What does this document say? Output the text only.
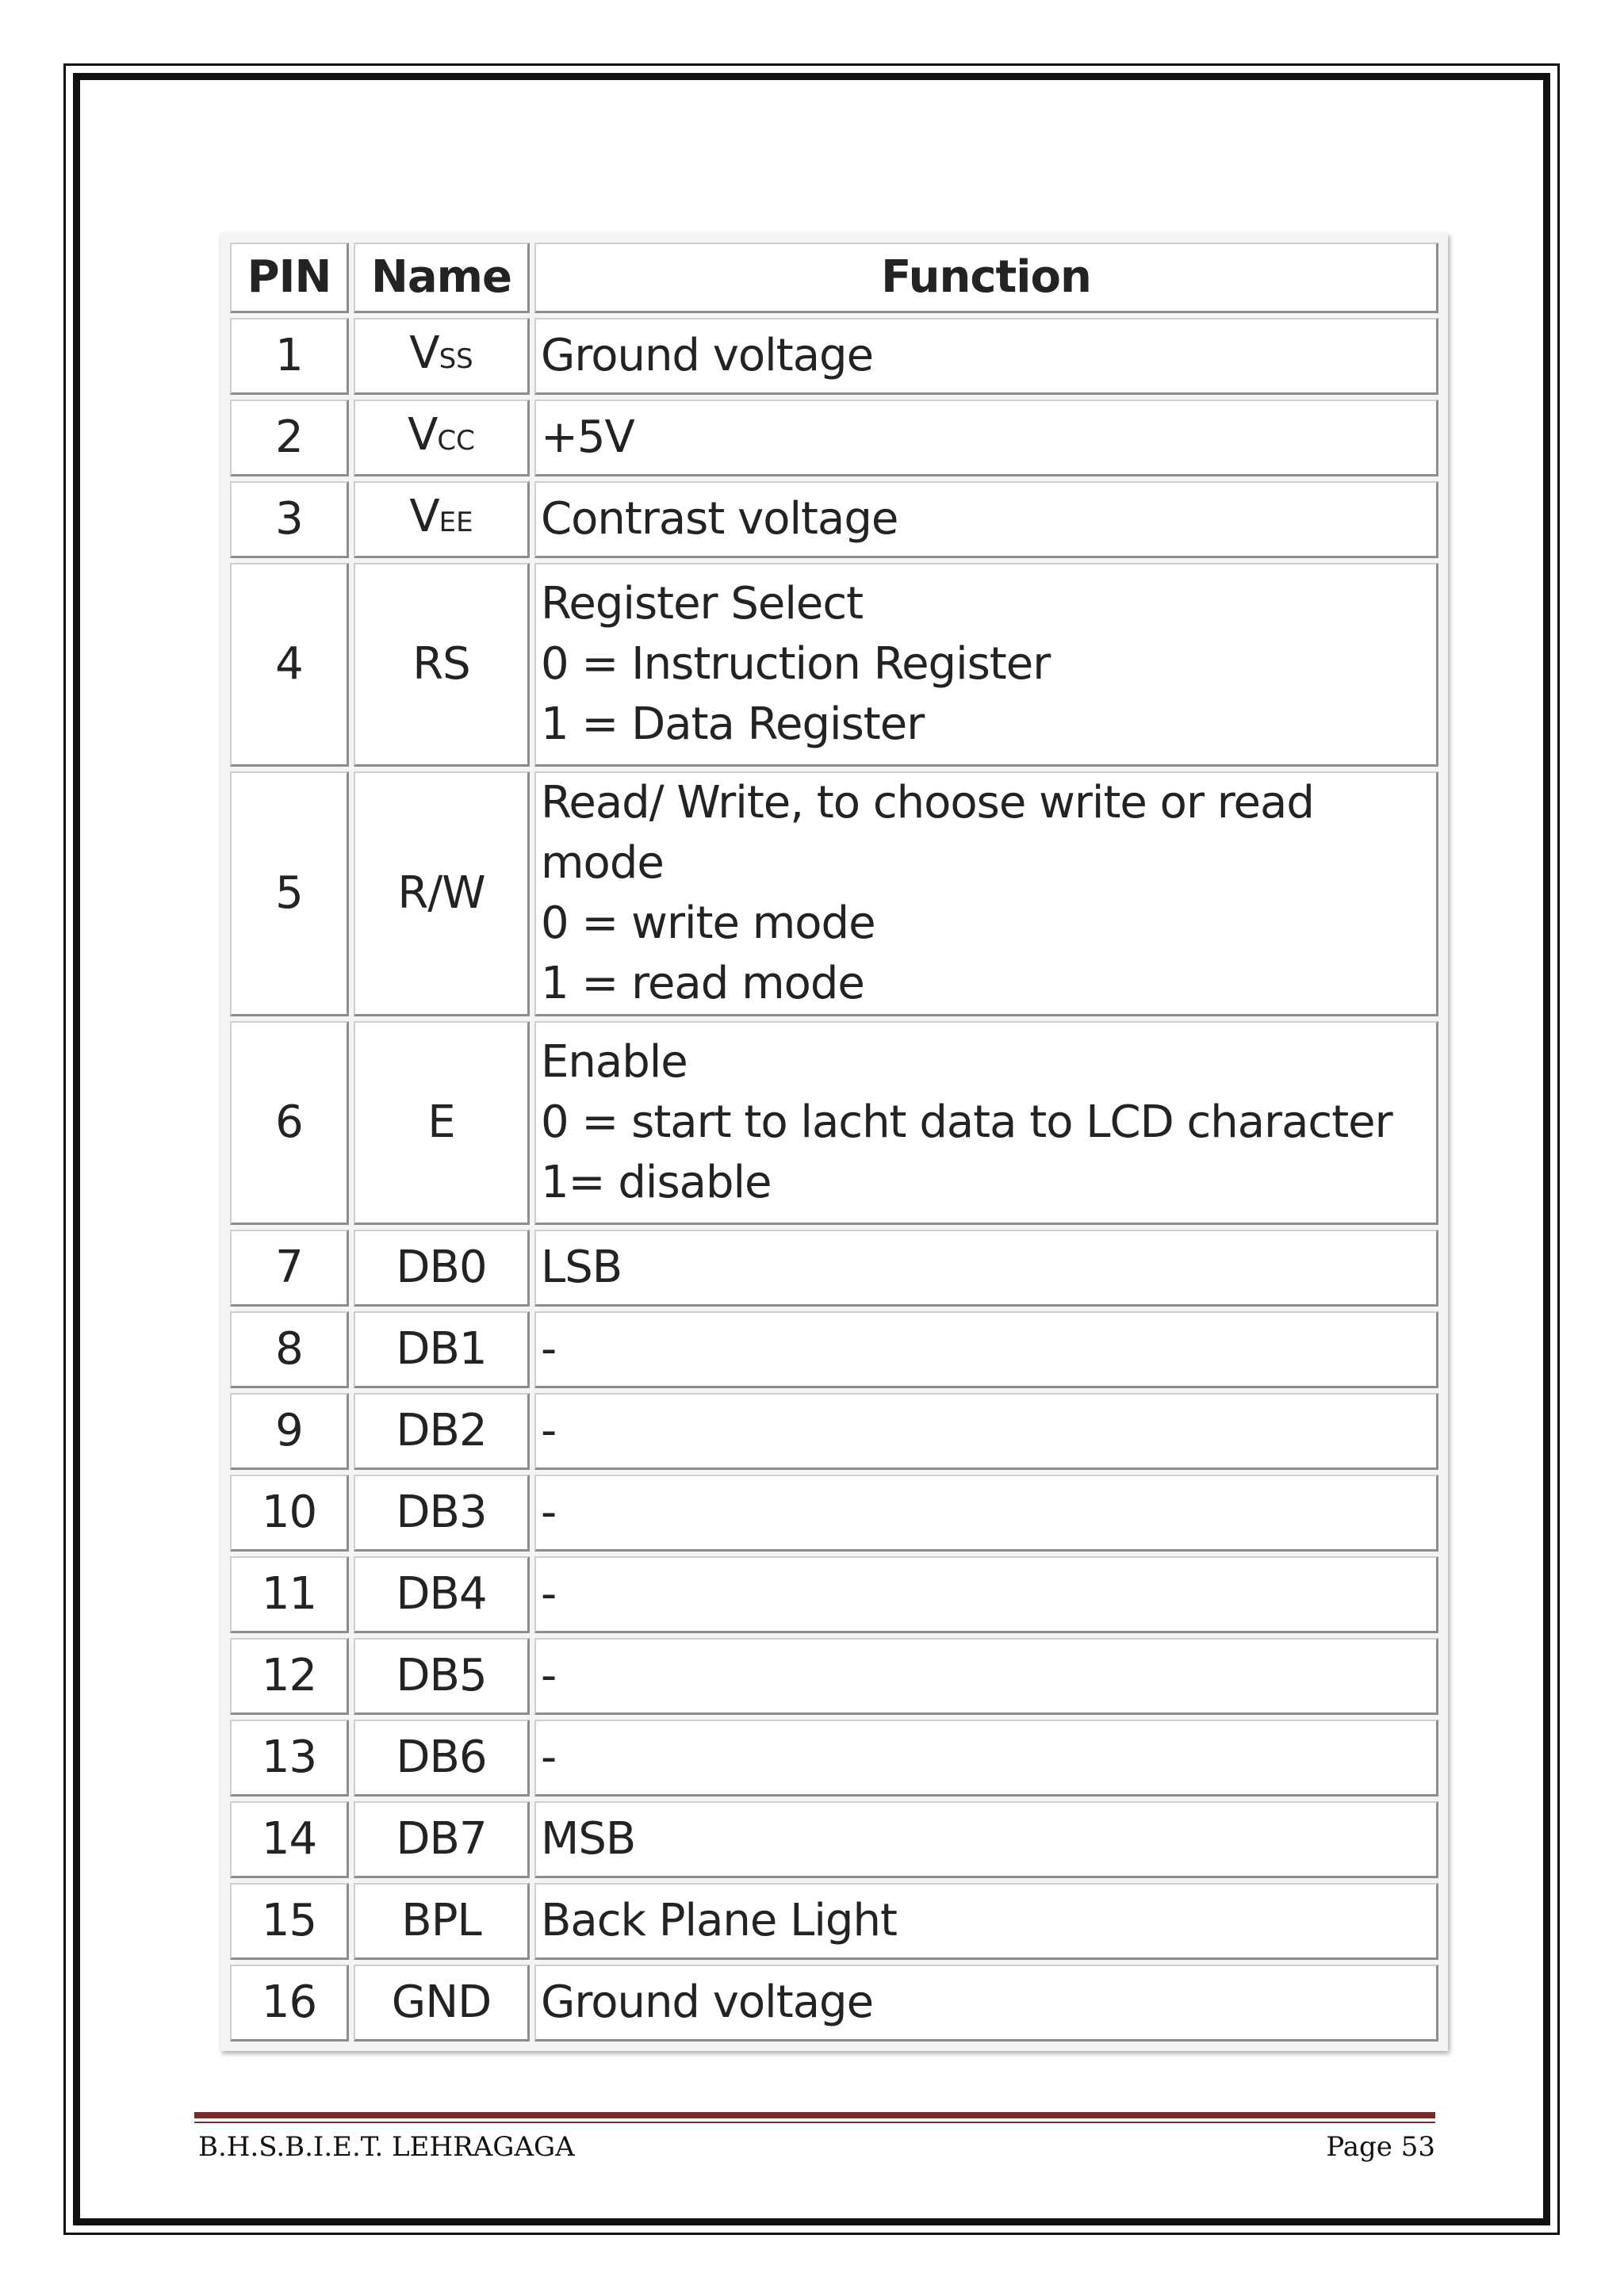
PIN	Name	Function
1	VSS	Ground voltage

2	VCC	+5V

3	VEE	Contrast voltage

4	RS	Register Select
0 = Instruction Register
1 = Data Register

5	R/W	Read/ Write, to choose write or read mode
0 = write mode
1 = read mode

6	E	Enable
0 = start to lacht data to LCD character
1= disable

7	DB0	LSB

8	DB1	-

9	DB2	-

10	DB3	-

11	DB4	-

12	DB5	-

13	DB6	-

14	DB7	MSB

15	BPL	Back Plane Light

16	GND	Ground voltage
B.H.S.B.I.E.T. LEHRAGAGA	Page 53
